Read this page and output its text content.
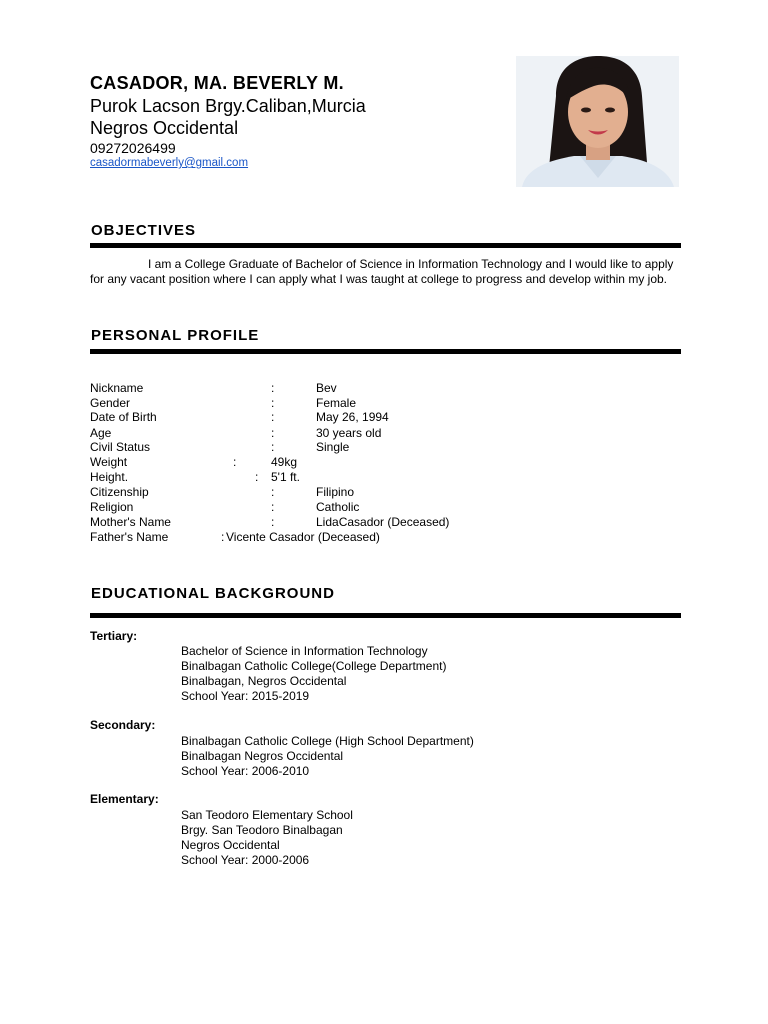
CASADOR, MA. BEVERLY M.
Purok Lacson Brgy.Caliban,Murcia
Negros Occidental
09272026499
casadormabeverly@gmail.com
OBJECTIVES
I am a College Graduate of Bachelor of Science in Information Technology and I would like to apply for any vacant position where I can apply what I was taught at college to progress and develop within my job.
PERSONAL PROFILE
Nickname	:	Bev
Gender	:	Female
Date of Birth	:	May 26, 1994
Age	:	30 years old
Civil Status	:	Single
Weight	:	49kg
Height.	: 5'1 ft.
Citizenship	:	Filipino
Religion	:	Catholic
Mother's Name	:	LidaCasador (Deceased)
Father's Name	: Vicente Casador (Deceased)
EDUCATIONAL BACKGROUND
Tertiary:
Bachelor of Science in Information Technology
Binalbagan Catholic College(College Department)
Binalbagan, Negros Occidental
School Year: 2015-2019
Secondary:
Binalbagan Catholic College (High School Department)
Binalbagan Negros Occidental
School Year: 2006-2010
Elementary:
San Teodoro Elementary School
Brgy. San Teodoro Binalbagan
Negros Occidental
School Year: 2000-2006
